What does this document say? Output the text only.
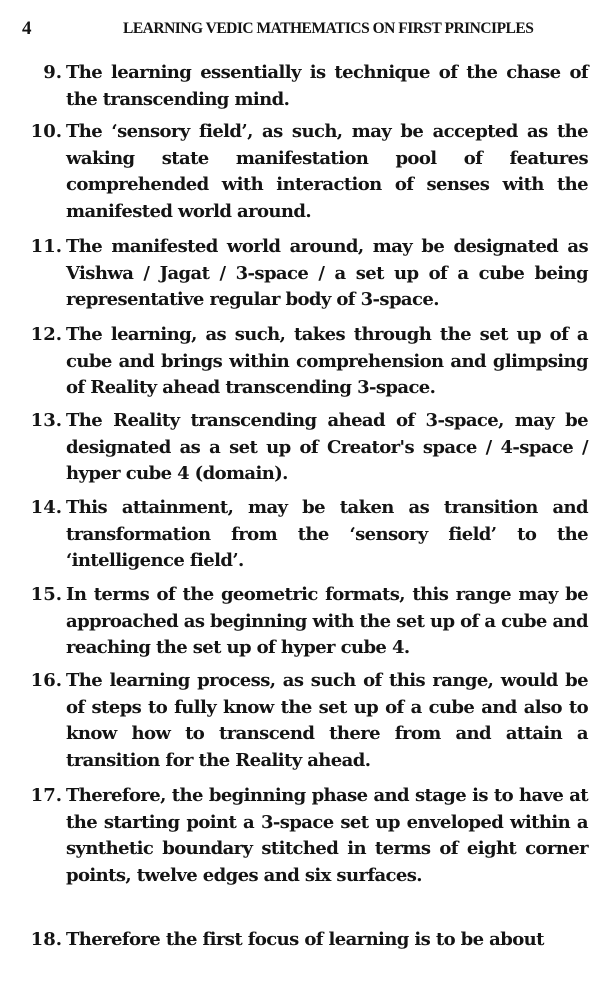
4	LEARNING VEDIC MATHEMATICS ON FIRST PRINCIPLES
9. The learning essentially is technique of the chase of the transcending mind.
10. The ‘sensory field’, as such, may be accepted as the waking state manifestation pool of features comprehended with interaction of senses with the manifested world around.
11. The manifested world around, may be designated as Vishwa / Jagat / 3-space / a set up of a cube being representative regular body of 3-space.
12. The learning, as such, takes through the set up of a cube and brings within comprehension and glimpsing of Reality ahead transcending 3-space.
13. The Reality transcending ahead of 3-space, may be designated as a set up of Creator's space / 4-space / hyper cube 4 (domain).
14. This attainment, may be taken as transition and transformation from the ‘sensory field’ to the ‘intelligence field’.
15. In terms of the geometric formats, this range may be approached as beginning with the set up of a cube and reaching the set up of hyper cube 4.
16. The learning process, as such of this range, would be of steps to fully know the set up of a cube and also to know how to transcend there from and attain a transition for the Reality ahead.
17. Therefore, the beginning phase and stage is to have at the starting point a 3-space set up enveloped within a synthetic boundary stitched in terms of eight corner points, twelve edges and six surfaces.
18. Therefore the first focus of learning is to be about
